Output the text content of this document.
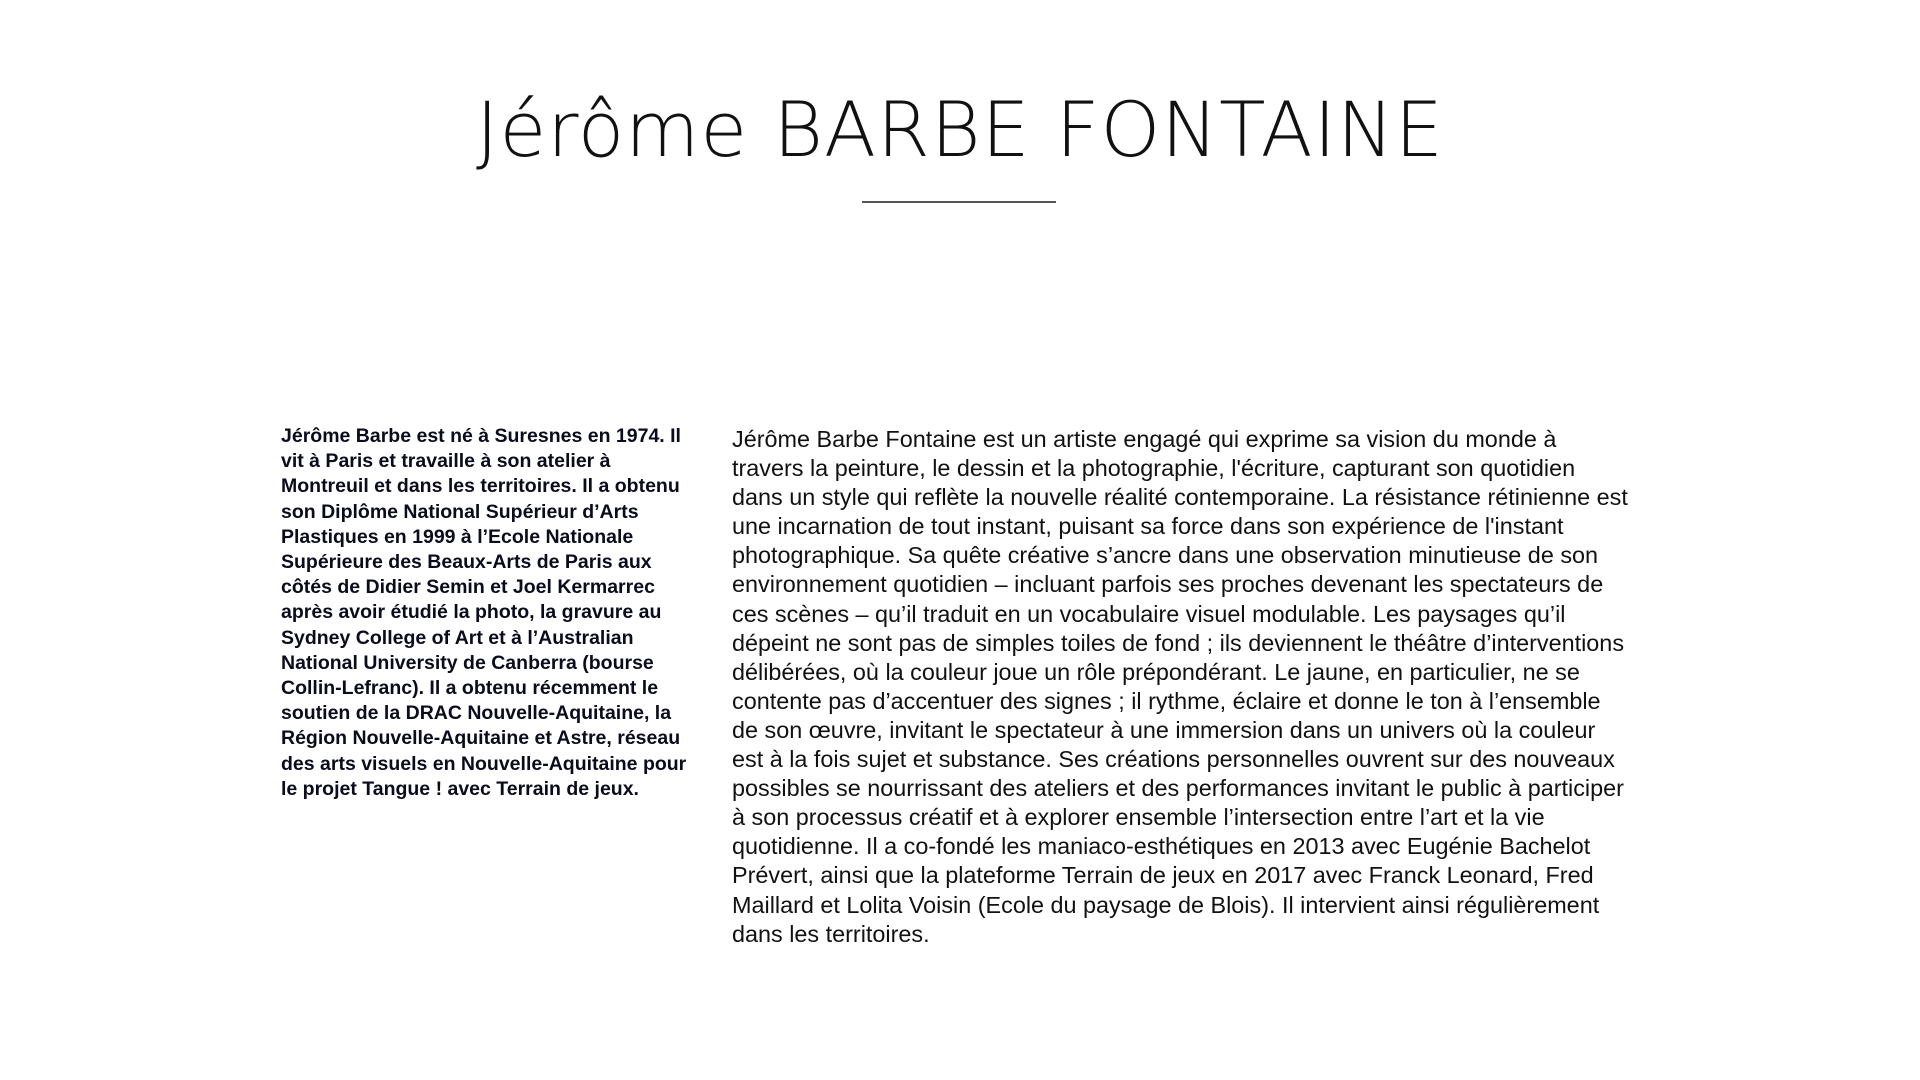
Jérôme BARBE FONTAINE

Jérôme Barbe est né à Suresnes en 1974. Il vit à Paris et travaille à son atelier à Montreuil et dans les territoires. Il a obtenu son Diplôme National Supérieur d’Arts Plastiques en 1999 à l’Ecole Nationale Supérieure des Beaux-Arts de Paris aux côtés de Didier Semin et Joel Kermarrec après avoir étudié la photo, la gravure au Sydney College of Art et à l’Australian National University de Canberra (bourse Collin-Lefranc). Il a obtenu récemment le soutien de la DRAC Nouvelle-Aquitaine, la Région Nouvelle-Aquitaine et Astre, réseau des arts visuels en Nouvelle-Aquitaine pour le projet Tangue ! avec Terrain de jeux.

Jérôme Barbe Fontaine est un artiste engagé qui exprime sa vision du monde à travers la peinture, le dessin et la photographie, l'écriture, capturant son quotidien dans un style qui reflète la nouvelle réalité contemporaine. La résistance rétinienne est une incarnation de tout instant, puisant sa force dans son expérience de l'instant photographique. Sa quête créative s’ancre dans une observation minutieuse de son environnement quotidien – incluant parfois ses proches devenant les spectateurs de ces scènes – qu’il traduit en un vocabulaire visuel modulable. Les paysages qu’il dépeint ne sont pas de simples toiles de fond ; ils deviennent le théâtre d’interventions délibérées, où la couleur joue un rôle prépondérant. Le jaune, en particulier, ne se contente pas d’accentuer des signes ; il rythme, éclaire et donne le ton à l’ensemble de son œuvre, invitant le spectateur à une immersion dans un univers où la couleur est à la fois sujet et substance. Ses créations personnelles ouvrent sur des nouveaux possibles se nourrissant des ateliers et des performances invitant le public à participer à son processus créatif et à explorer ensemble l’intersection entre l’art et la vie quotidienne. Il a co-fondé les maniaco-esthétiques en 2013 avec Eugénie Bachelot Prévert, ainsi que la plateforme Terrain de jeux en 2017 avec Franck Leonard, Fred Maillard et Lolita Voisin (Ecole du paysage de Blois). Il intervient ainsi régulièrement dans les territoires.
